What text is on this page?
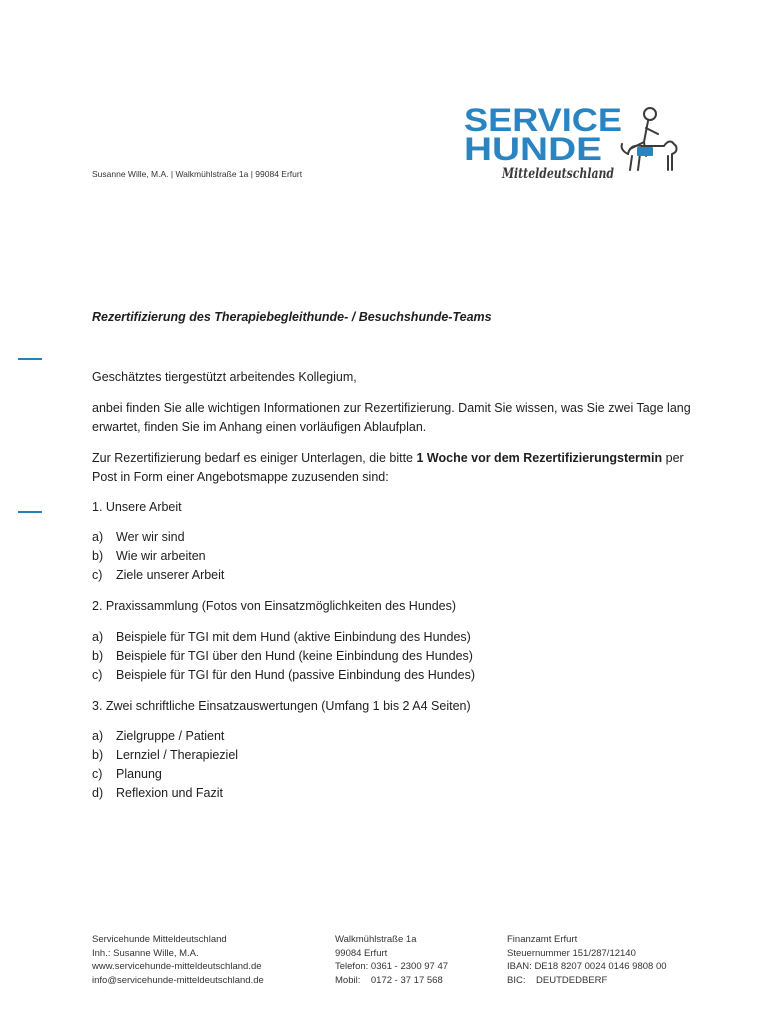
SERVICE
HUNDE
Mitteldeutschland
Susanne Wille, M.A. | Walkmühlstraße 1a | 99084 Erfurt
Rezertifizierung des Therapiebegleithunde- / Besuchshunde-Teams
Geschätztes tiergestützt arbeitendes Kollegium,
anbei finden Sie alle wichtigen Informationen zur Rezertifizierung. Damit Sie wissen, was Sie zwei Tage lang erwartet, finden Sie im Anhang einen vorläufigen Ablaufplan.
Zur Rezertifizierung bedarf es einiger Unterlagen, die bitte 1 Woche vor dem Rezertifizierungstermin per Post in Form einer Angebotsmappe zuzusenden sind:
1. Unsere Arbeit
a) Wer wir sind
b) Wie wir arbeiten
c) Ziele unserer Arbeit
2. Praxissammlung (Fotos von Einsatzmöglichkeiten des Hundes)
a) Beispiele für TGI mit dem Hund (aktive Einbindung des Hundes)
b) Beispiele für TGI über den Hund (keine Einbindung des Hundes)
c) Beispiele für TGI für den Hund (passive Einbindung des Hundes)
3. Zwei schriftliche Einsatzauswertungen (Umfang 1 bis 2 A4 Seiten)
a) Zielgruppe / Patient
b) Lernziel / Therapieziel
c) Planung
d) Reflexion und Fazit
Servicehunde Mitteldeutschland
Inh.: Susanne Wille, M.A.
www.servicehunde-mitteldeutschland.de
info@servicehunde-mitteldeutschland.de
Walkmühlstraße 1a
99084 Erfurt
Telefon: 0361 - 2300 97 47
Mobil:    0172 - 37 17 568
Finanzamt Erfurt
Steuernummer 151/287/12140
IBAN: DE18 8207 0024 0146 9808 00
BIC:    DEUTDEDBERF
